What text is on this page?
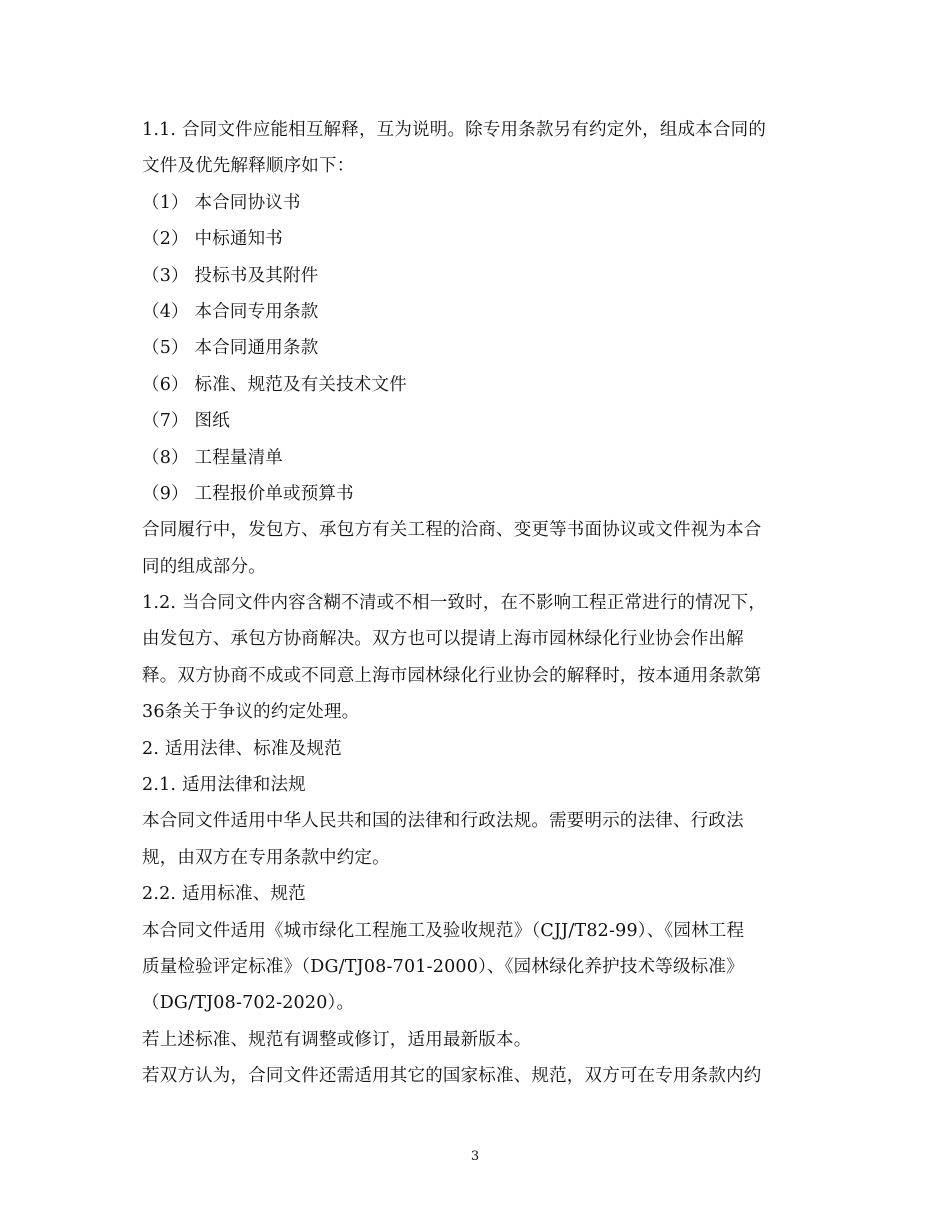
1.1. 合同文件应能相互解释，互为说明。除专用条款另有约定外，组成本合同的
文件及优先解释顺序如下：
（1） 本合同协议书
（2） 中标通知书
（3） 投标书及其附件
（4） 本合同专用条款
（5） 本合同通用条款
（6） 标准、规范及有关技术文件
（7） 图纸
（8） 工程量清单
（9） 工程报价单或预算书
合同履行中，发包方、承包方有关工程的洽商、变更等书面协议或文件视为本合
同的组成部分。
1.2. 当合同文件内容含糊不清或不相一致时，在不影响工程正常进行的情况下，
由发包方、承包方协商解决。双方也可以提请上海市园林绿化行业协会作出解
释。双方协商不成或不同意上海市园林绿化行业协会的解释时，按本通用条款第
36条关于争议的约定处理。
2. 适用法律、标准及规范
2.1. 适用法律和法规
本合同文件适用中华人民共和国的法律和行政法规。需要明示的法律、行政法
规，由双方在专用条款中约定。
2.2. 适用标准、规范
本合同文件适用《城市绿化工程施工及验收规范》（CJJ/T82-99）、《园林工程
质量检验评定标准》（DG/TJ08-701-2000）、《园林绿化养护技术等级标准》
（DG/TJ08-702-2020）。
若上述标准、规范有调整或修订，适用最新版本。
若双方认为，合同文件还需适用其它的国家标准、规范，双方可在专用条款内约
3
